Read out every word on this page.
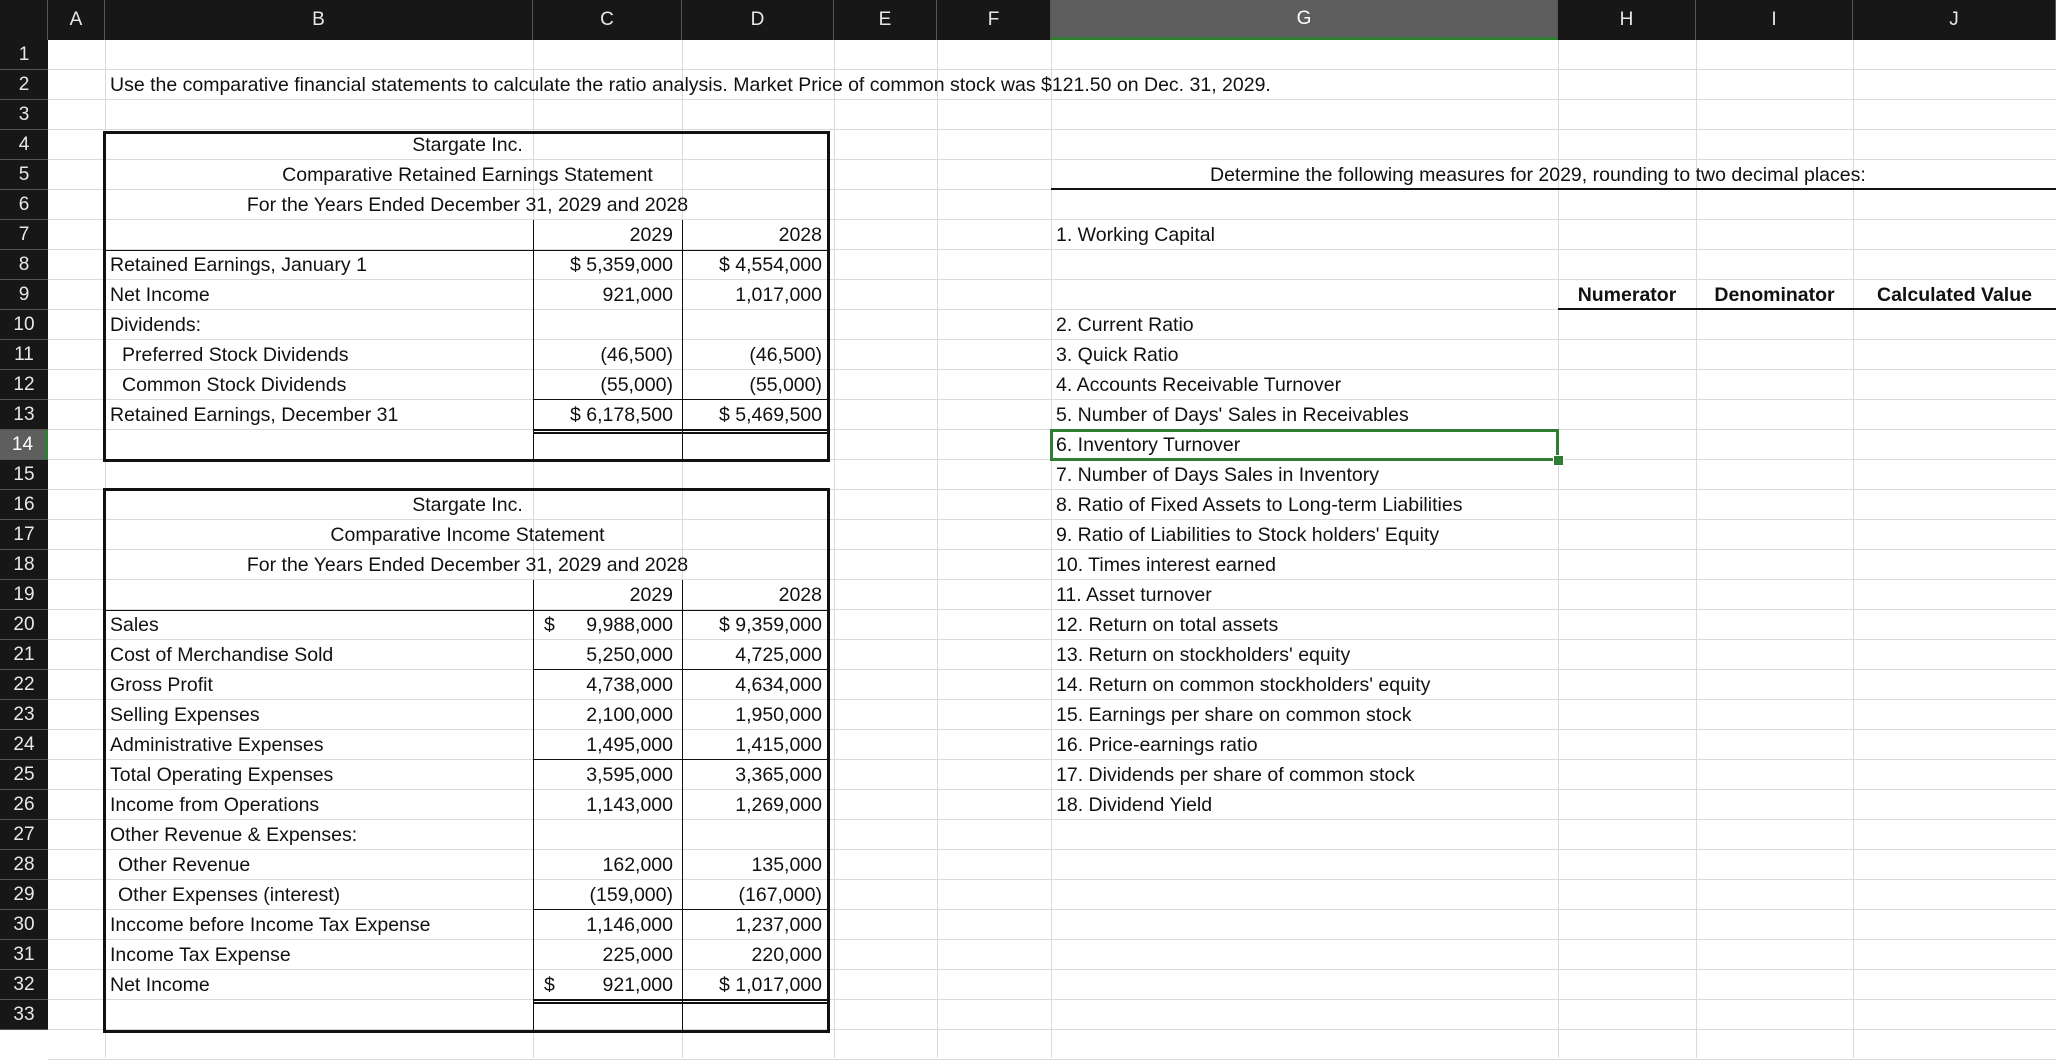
A	B	C	D	E	F	G	H	I	J
1
2
3
4
5
6
7
8
9
10
11
12
13
14
15
16
17
18
19
20
21
22
23
24
25
26
27
28
29
30
31
32
33
Use the comparative financial statements to calculate the ratio analysis. Market Price of common stock was $121.50 on Dec. 31, 2029.
Stargate Inc.
Comparative Retained Earnings Statement
For the Years Ended December 31, 2029 and 2028
2029	2028
Retained Earnings, January 1	$ 5,359,000	$ 4,554,000
Net Income	921,000	1,017,000
Dividends:
Preferred Stock Dividends	(46,500)	(46,500)
Common Stock Dividends	(55,000)	(55,000)
Retained Earnings, December 31	$ 6,178,500	$ 5,469,500
Stargate Inc.
Comparative Income Statement
For the Years Ended December 31, 2029 and 2028
2029	2028
Sales	9,988,000	$ 9,359,000
Cost of Merchandise Sold	5,250,000	4,725,000
Gross Profit	4,738,000	4,634,000
Selling Expenses	2,100,000	1,950,000
Administrative Expenses	1,495,000	1,415,000
Total Operating Expenses	3,595,000	3,365,000
Income from Operations	1,143,000	1,269,000
Other Revenue & Expenses:
Other Revenue	162,000	135,000
Other Expenses (interest)	(159,000)	(167,000)
Inccome before Income Tax Expense	1,146,000	1,237,000
Income Tax Expense	225,000	220,000
Net Income	921,000	$ 1,017,000
$
$
Determine the following measures for 2029, rounding to two decimal places:
1. Working Capital
Numerator	Denominator	Calculated Value
2. Current Ratio
3. Quick Ratio
4. Accounts Receivable Turnover
5. Number of Days' Sales in Receivables
6. Inventory Turnover
7. Number of Days Sales in Inventory
8. Ratio of Fixed Assets to Long-term Liabilities
9. Ratio of Liabilities to Stock holders' Equity
10. Times interest earned
11. Asset turnover
12. Return on total assets
13. Return on stockholders' equity
14. Return on common stockholders' equity
15. Earnings per share on common stock
16. Price-earnings ratio
17. Dividends per share of common stock
18. Dividend Yield
